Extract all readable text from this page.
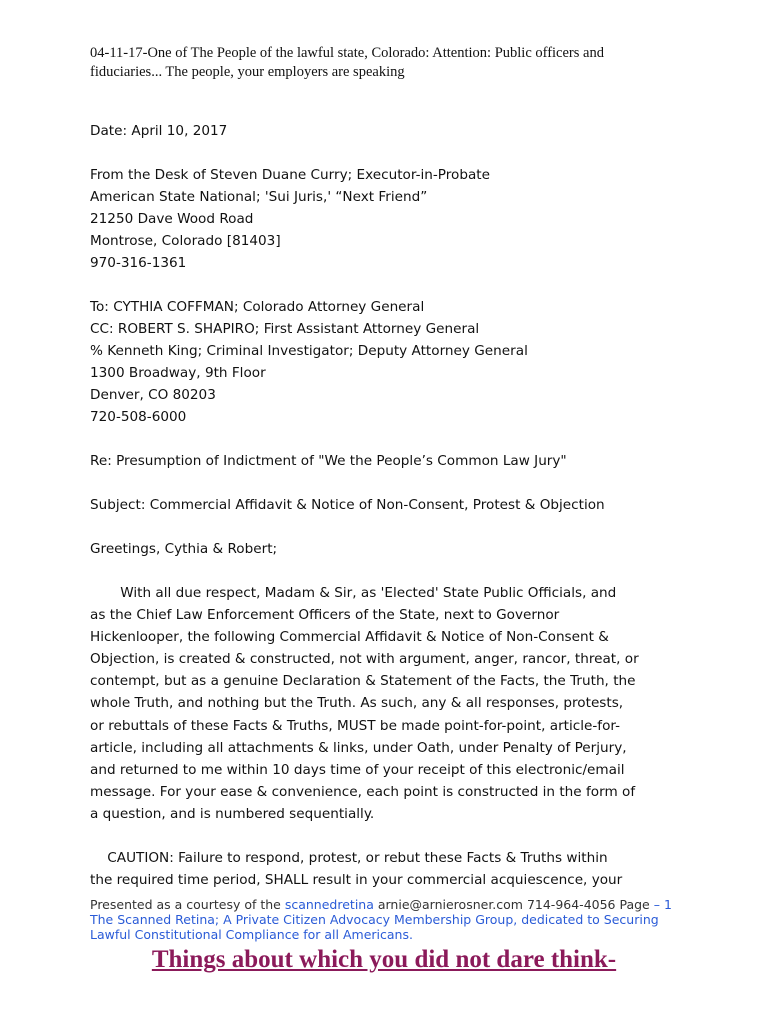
04-11-17-One of The People of the lawful state, Colorado: Attention: Public officers and
fiduciaries... The people, your employers are speaking
Date: April 10, 2017
From the Desk of Steven Duane Curry; Executor-in-Probate
American State National; 'Sui Juris,' “Next Friend”
21250 Dave Wood Road
Montrose, Colorado [81403]
970-316-1361
To: CYTHIA COFFMAN; Colorado Attorney General
CC: ROBERT S. SHAPIRO; First Assistant Attorney General
% Kenneth King; Criminal Investigator; Deputy Attorney General
1300 Broadway, 9th Floor
Denver, CO 80203
720-508-6000
Re: Presumption of Indictment of "We the People’s Common Law Jury"
Subject: Commercial Affidavit & Notice of Non-Consent, Protest & Objection
Greetings, Cythia & Robert;
With all due respect, Madam & Sir, as 'Elected' State Public Officials, and
as the Chief Law Enforcement Officers of the State, next to Governor
Hickenlooper, the following Commercial Affidavit & Notice of Non-Consent &
Objection, is created & constructed, not with argument, anger, rancor, threat, or
contempt, but as a genuine Declaration & Statement of the Facts, the Truth, the
whole Truth, and nothing but the Truth. As such, any & all responses, protests,
or rebuttals of these Facts & Truths, MUST be made point-for-point, article-for-
article, including all attachments & links, under Oath, under Penalty of Perjury,
and returned to me within 10 days time of your receipt of this electronic/email
message. For your ease & convenience, each point is constructed in the form of
a question, and is numbered sequentially.
CAUTION: Failure to respond, protest, or rebut these Facts & Truths within
the required time period, SHALL result in your commercial acquiescence, your
Presented as a courtesy of the scannedretina arnie@arnierosner.com 714-964-4056 Page – 1
The Scanned Retina; A Private Citizen Advocacy Membership Group, dedicated to Securing
Lawful Constitutional Compliance for all Americans.
Things about which you did not dare think-
